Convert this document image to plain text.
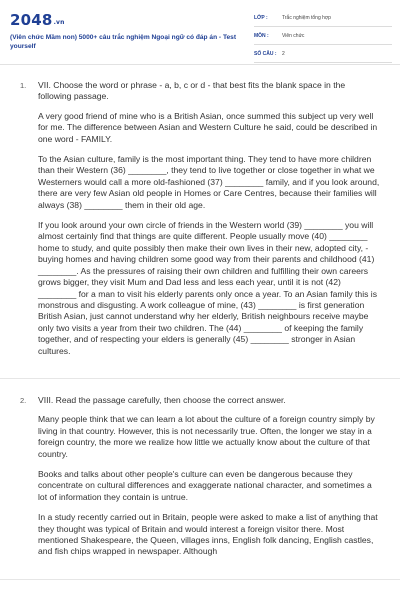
2048.vn
(Viên chức Mầm non) 5000+ câu trắc nghiệm Ngoại ngữ có đáp án - Test yourself
LỚP :	Trắc nghiệm tổng hợp
MÔN :	Viên chức
SỐ CÂU :	2
1. VII. Choose the word or phrase - a, b, c or d - that best fits the blank space in the following passage.

A very good friend of mine who is a British Asian, once summed this subject up very well for me. The difference between Asian and Western Culture he said, could be described in one word - FAMILY.

To the Asian culture, family is the most important thing. They tend to have more children than their Western (36) ________, they tend to live together or close together in what we Westerners would call a more old-fashioned (37) ________ family, and if you look around, there are very few Asian old people in Homes or Care Centres, because their families will always (38) ________ them in their old age.

If you look around your own circle of friends in the Western world (39) ________ you will almost certainly find that things are quite different. People usually move (40) ________ home to study, and quite possibly then make their own lives in their new, adopted city, - buying homes and having children some good way from their parents and childhood (41) ________. As the pressures of raising their own children and fulfilling their own careers grows bigger, they visit Mum and Dad less and less each year, until it is not (42) ________ for a man to visit his elderly parents only once a year. To an Asian family this is monstrous and disgusting. A work colleague of mine, (43) ________ is first generation British Asian, just cannot understand why her elderly, British neighbours receive maybe only two visits a year from their two children. The (44) ________ of keeping the family together, and of respecting your elders is generally (45) ________ stronger in Asian cultures.

2. VIII. Read the passage carefully, then choose the correct answer.

Many people think that we can learn a lot about the culture of a foreign country simply by living in that country. However, this is not necessarily true. Often, the longer we stay in a foreign country, the more we realize how little we actually know about the culture of that country.

Books and talks about other people's culture can even be dangerous because they concentrate on cultural differences and exaggerate national character, and sometimes a lot of information they contain is untrue.

In a study recently carried out in Britain, people were asked to make a list of anything that they thought was typical of Britain and would interest a foreign visitor there. Most mentioned Shakespeare, the Queen, villages inns, English folk dancing, English castles, and fish chips wrapped in newspaper. Although
